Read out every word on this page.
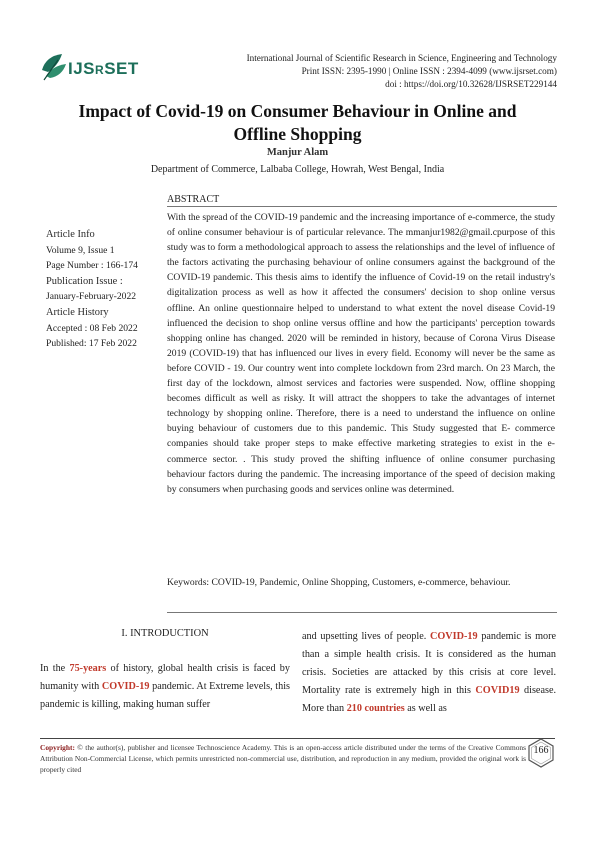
IJSRSET
International Journal of Scientific Research in Science, Engineering and Technology
Print ISSN: 2395-1990 | Online ISSN : 2394-4099 (www.ijsrset.com)
doi : https://doi.org/10.32628/IJSRSET229144
Impact of Covid-19 on Consumer Behaviour in Online and
Offline Shopping
Manjur Alam
Department of Commerce, Lalbaba College, Howrah, West Bengal, India
Article Info
Volume 9, Issue 1
Page Number : 166-174
Publication Issue :
January-February-2022
Article History
Accepted : 08 Feb 2022
Published: 17 Feb 2022
ABSTRACT
With the spread of the COVID-19 pandemic and the increasing importance of e-commerce, the study of online consumer behaviour is of particular relevance. The mmanjur1982@gmail.cpurpose of this study was to form a methodological approach to assess the relationships and the level of influence of the factors activating the purchasing behaviour of online consumers against the background of the COVID-19 pandemic. This thesis aims to identify the influence of Covid-19 on the retail industry's digitalization process as well as how it affected the consumers' decision to shop online versus offline. An online questionnaire helped to understand to what extent the novel disease Covid-19 influenced the decision to shop online versus offline and how the participants' perception towards shopping online has changed. 2020 will be reminded in history, because of Corona Virus Disease 2019 (COVID-19) that has influenced our lives in every field. Economy will never be the same as before COVID - 19. Our country went into complete lockdown from 23rd march. On 23 March, the first day of the lockdown, almost services and factories were suspended. Now, offline shopping becomes difficult as well as risky. It will attract the shoppers to take the advantages of internet technology by shopping online. Therefore, there is a need to understand the influence on online buying behaviour of customers due to this pandemic. This Study suggested that E- commerce companies should take proper steps to make effective marketing strategies to exist in the e-commerce sector. . This study proved the shifting influence of online consumer purchasing behaviour factors during the pandemic. The increasing importance of the speed of decision making by consumers when purchasing goods and services online was determined.
Keywords: COVID-19, Pandemic, Online Shopping, Customers, e-commerce, behaviour.
I. INTRODUCTION
In the 75-years of history, global health crisis is faced by humanity with COVID-19 pandemic. At Extreme levels, this pandemic is killing, making human suffer
and upsetting lives of people. COVID-19 pandemic is more than a simple health crisis. It is considered as the human crisis. Societies are attacked by this crisis at core level. Mortality rate is extremely high in this COVID19 disease. More than 210 countries as well as
Copyright: © the author(s), publisher and licensee Technoscience Academy. This is an open-access article distributed under the terms of the Creative Commons Attribution Non-Commercial License, which permits unrestricted non-commercial use, distribution, and reproduction in any medium, provided the original work is properly cited
166
